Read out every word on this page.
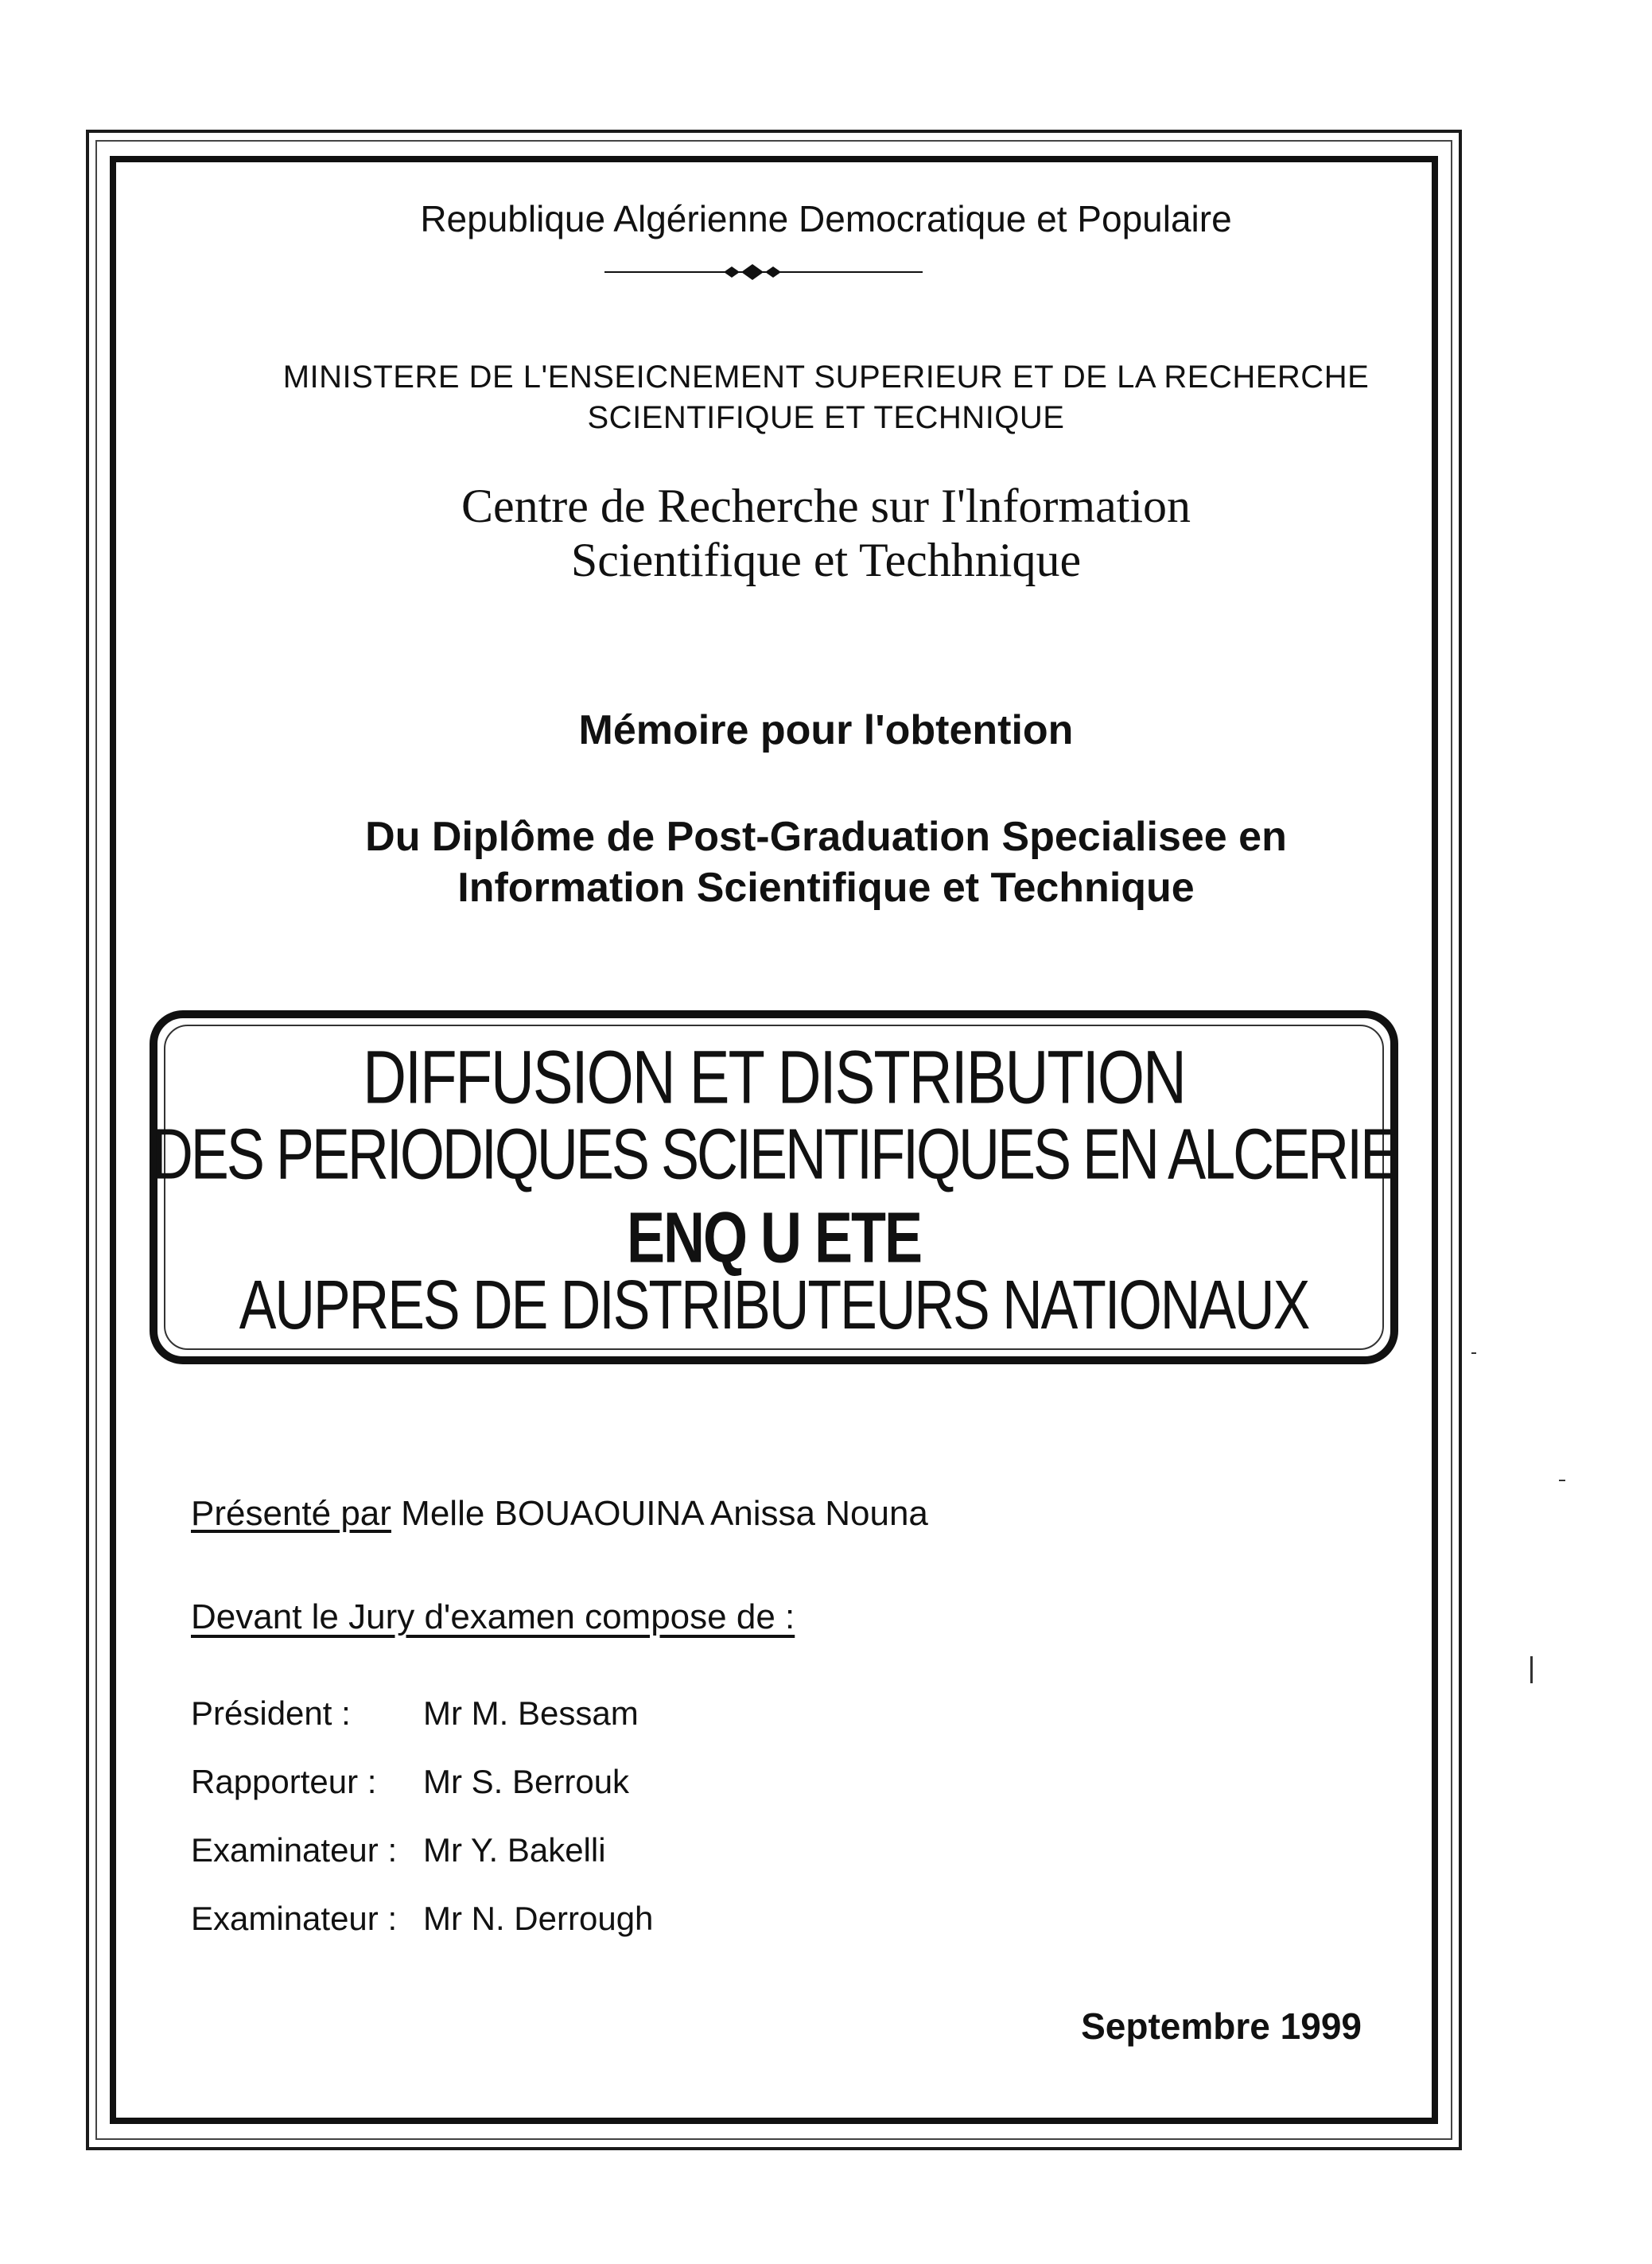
Republique Algérienne Democratique et Populaire
MINISTERE DE L'ENSEICNEMENT SUPERIEUR ET DE LA RECHERCHE
SCIENTIFIQUE ET TECHNIQUE
Centre de Recherche sur I'lnformation
Scientifique et Techhnique
Mémoire pour l'obtention
Du Diplôme de Post-Graduation Specialisee en
Information Scientifique et Technique
DIFFUSION ET DISTRIBUTION
DES PERIODIQUES SCIENTIFIQUES EN ALCERIE
ENQ U ETE
AUPRES DE DISTRIBUTEURS NATIONAUX
Présenté par Melle BOUAOUINA Anissa Nouna
Devant le Jury d'examen compose de :
Président : Mr M. Bessam
Rapporteur : Mr S. Berrouk
Examinateur : Mr Y. Bakelli
Examinateur : Mr N. Derrough
Septembre 1999
